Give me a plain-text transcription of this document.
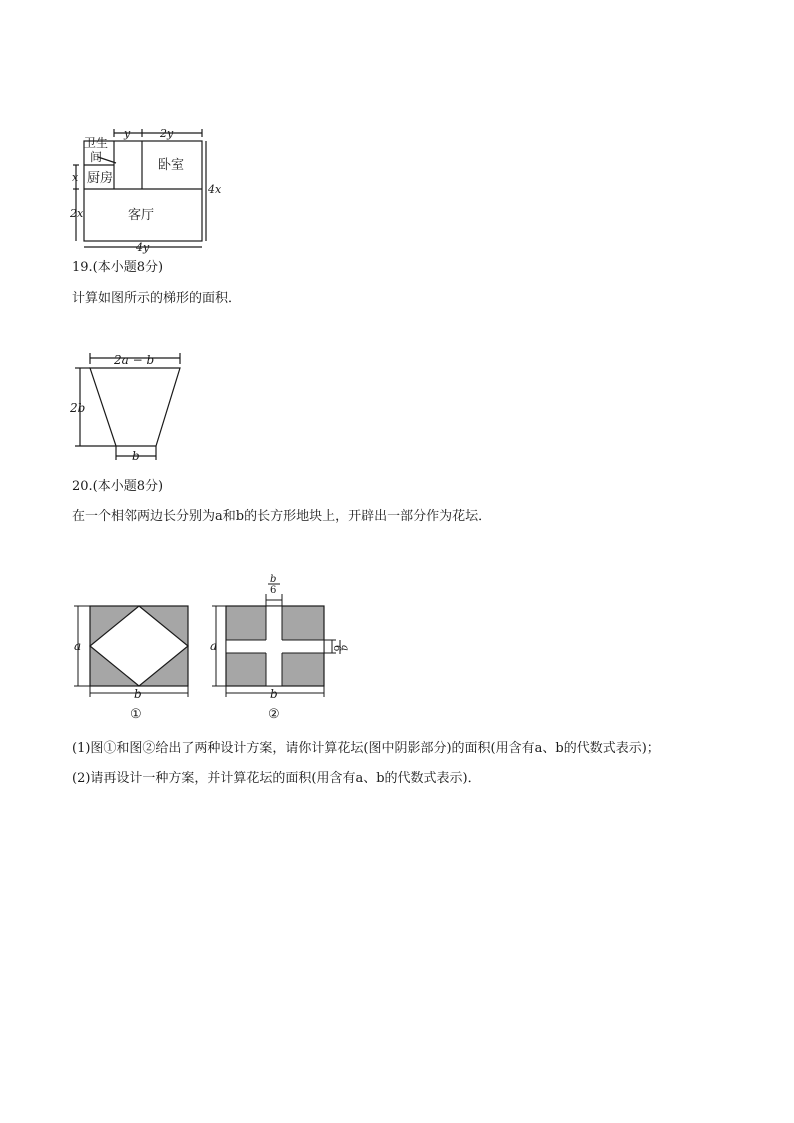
卫生
间
y	2y
x
2x
4x
4y
厨房
卧室
客厅
19.(本小题8分)
计算如图所示的梯形的面积．
2a − b
2b
b
20.(本小题8分)
在一个相邻两边长分别为a和b的长方形地块上，开辟出一部分作为花坛．
a
b
①
a
b
b
6
a
6
②
(1)图①和图②给出了两种设计方案，请你计算花坛(图中阴影部分)的面积(用含有a、b的代数式表示)；
(2)请再设计一种方案，并计算花坛的面积(用含有a、b的代数式表示)．
